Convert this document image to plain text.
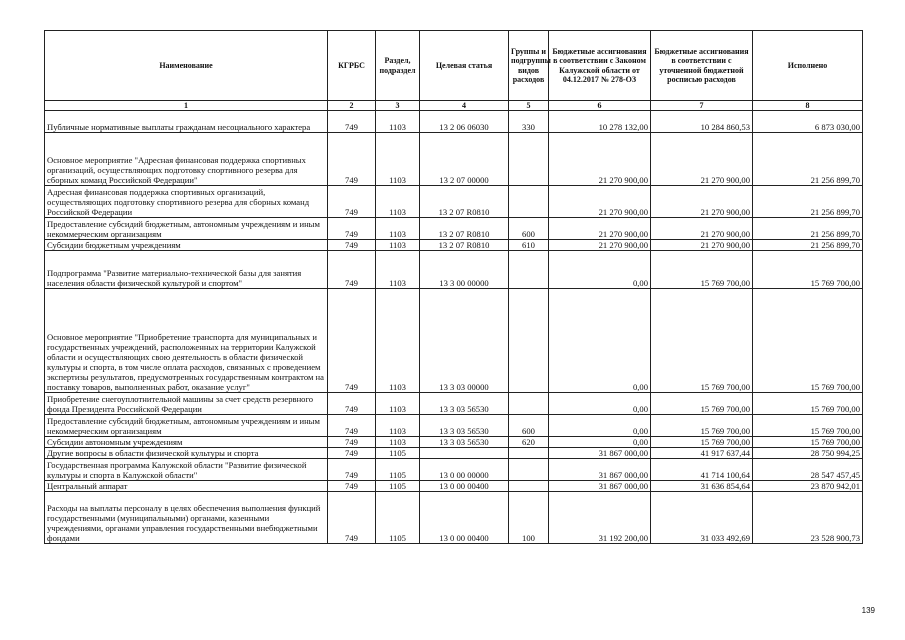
Наименование	КГРБС	Раздел, подраздел	Целевая статья	Группы и подгруппы видов расходов	Бюджетные ассигнования в соответствии с Законом Калужской области от 04.12.2017 № 278-ОЗ	Бюджетные ассигнования в соответствии с уточненной бюджетной росписью расходов	Исполнено
1	2	3	4	5	6	7	8
Публичные нормативные выплаты гражданам несоциального характера	749	1103	13 2 06 06030	330	10 278 132,00	10 284 860,53	6 873 030,00
Основное мероприятие "Адресная финансовая поддержка спортивных организаций, осуществляющих подготовку спортивного резерва для сборных команд Российской Федерации"	749	1103	13 2 07 00000		21 270 900,00	21 270 900,00	21 256 899,70
Адресная финансовая поддержка спортивных организаций, осуществляющих подготовку спортивного резерва для сборных команд Российской Федерации	749	1103	13 2 07 R0810		21 270 900,00	21 270 900,00	21 256 899,70
Предоставление субсидий бюджетным, автономным учреждениям и иным некоммерческим организациям	749	1103	13 2 07 R0810	600	21 270 900,00	21 270 900,00	21 256 899,70
Субсидии бюджетным учреждениям	749	1103	13 2 07 R0810	610	21 270 900,00	21 270 900,00	21 256 899,70
Подпрограмма "Развитие материально-технической базы для занятия населения области физической культурой и спортом"	749	1103	13 3 00 00000		0,00	15 769 700,00	15 769 700,00
Основное мероприятие "Приобретение транспорта для муниципальных и государственных учреждений, расположенных на территории Калужской области и осуществляющих свою деятельность в области физической культуры и спорта, в том числе оплата расходов, связанных с проведением экспертизы результатов, предусмотренных государственным контрактом на поставку товаров, выполненных работ, оказание услуг"	749	1103	13 3 03 00000		0,00	15 769 700,00	15 769 700,00
Приобретение снегоуплотнительной машины за счет средств резервного фонда Президента Российской Федерации	749	1103	13 3 03 56530		0,00	15 769 700,00	15 769 700,00
Предоставление субсидий бюджетным, автономным учреждениям и иным некоммерческим организациям	749	1103	13 3 03 56530	600	0,00	15 769 700,00	15 769 700,00
Субсидии автономным учреждениям	749	1103	13 3 03 56530	620	0,00	15 769 700,00	15 769 700,00
Другие вопросы в области физической культуры и спорта	749	1105			31 867 000,00	41 917 637,44	28 750 994,25
Государственная программа Калужской области "Развитие физической культуры и спорта в Калужской области"	749	1105	13 0 00 00000		31 867 000,00	41 714 100,64	28 547 457,45
Центральный аппарат	749	1105	13 0 00 00400		31 867 000,00	31 636 854,64	23 870 942,01
Расходы на выплаты персоналу в целях обеспечения выполнения функций государственными (муниципальными) органами, казенными учреждениями, органами управления государственными внебюджетными фондами	749	1105	13 0 00 00400	100	31 192 200,00	31 033 492,69	23 528 900,73
139
